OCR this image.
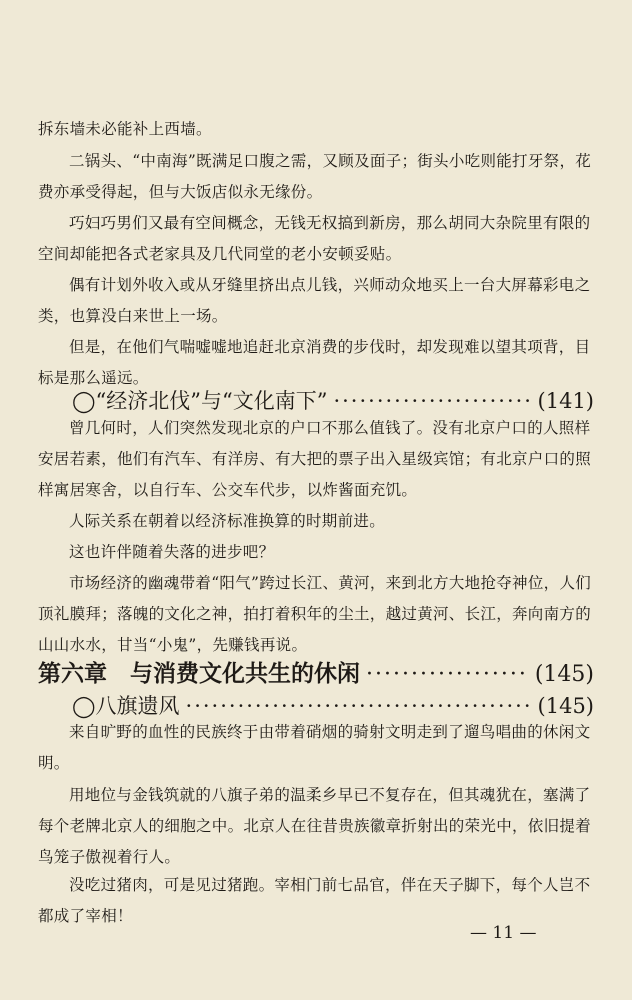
拆东墙未必能补上西墙。
二锅头、“中南海”既满足口腹之需，又顾及面子；街头小吃则能打牙祭，花费亦承受得起，但与大饭店似永无缘份。
巧妇巧男们又最有空间概念，无钱无权搞到新房，那么胡同大杂院里有限的空间却能把各式老家具及几代同堂的老小安顿妥贴。
偶有计划外收入或从牙缝里挤出点儿钱，兴师动众地买上一台大屏幕彩电之类，也算没白来世上一场。
但是，在他们气喘嘘嘘地追赶北京消费的步伐时，却发现难以望其项背，目标是那么遥远。
◯“经济北伐”与“文化南下” ·····	(141)
曾几何时，人们突然发现北京的户口不那么值钱了。没有北京户口的人照样安居若素，他们有汽车、有洋房、有大把的票子出入星级宾馆；有北京户口的照样寓居寒舍，以自行车、公交车代步，以炸酱面充饥。
人际关系在朝着以经济标准换算的时期前进。
这也许伴随着失落的进步吧？
市场经济的幽魂带着“阳气”跨过长江、黄河，来到北方大地抢夺神位，人们顶礼膜拜；落魄的文化之神，拍打着积年的尘土，越过黄河、长江，奔向南方的山山水水，甘当“小鬼”，先赚钱再说。
第六章　与消费文化共生的休闲 ·····	(145)
◯八旗遗风 ·····	(145)
来自旷野的血性的民族终于由带着硝烟的骑射文明走到了遛鸟唱曲的休闲文明。
用地位与金钱筑就的八旗子弟的温柔乡早已不复存在，但其魂犹在，塞满了每个老牌北京人的细胞之中。北京人在往昔贵族徽章折射出的荣光中，依旧提着鸟笼子傲视着行人。
没吃过猪肉，可是见过猪跑。宰相门前七品官，伴在天子脚下，每个人岂不都成了宰相！
— 11 —
